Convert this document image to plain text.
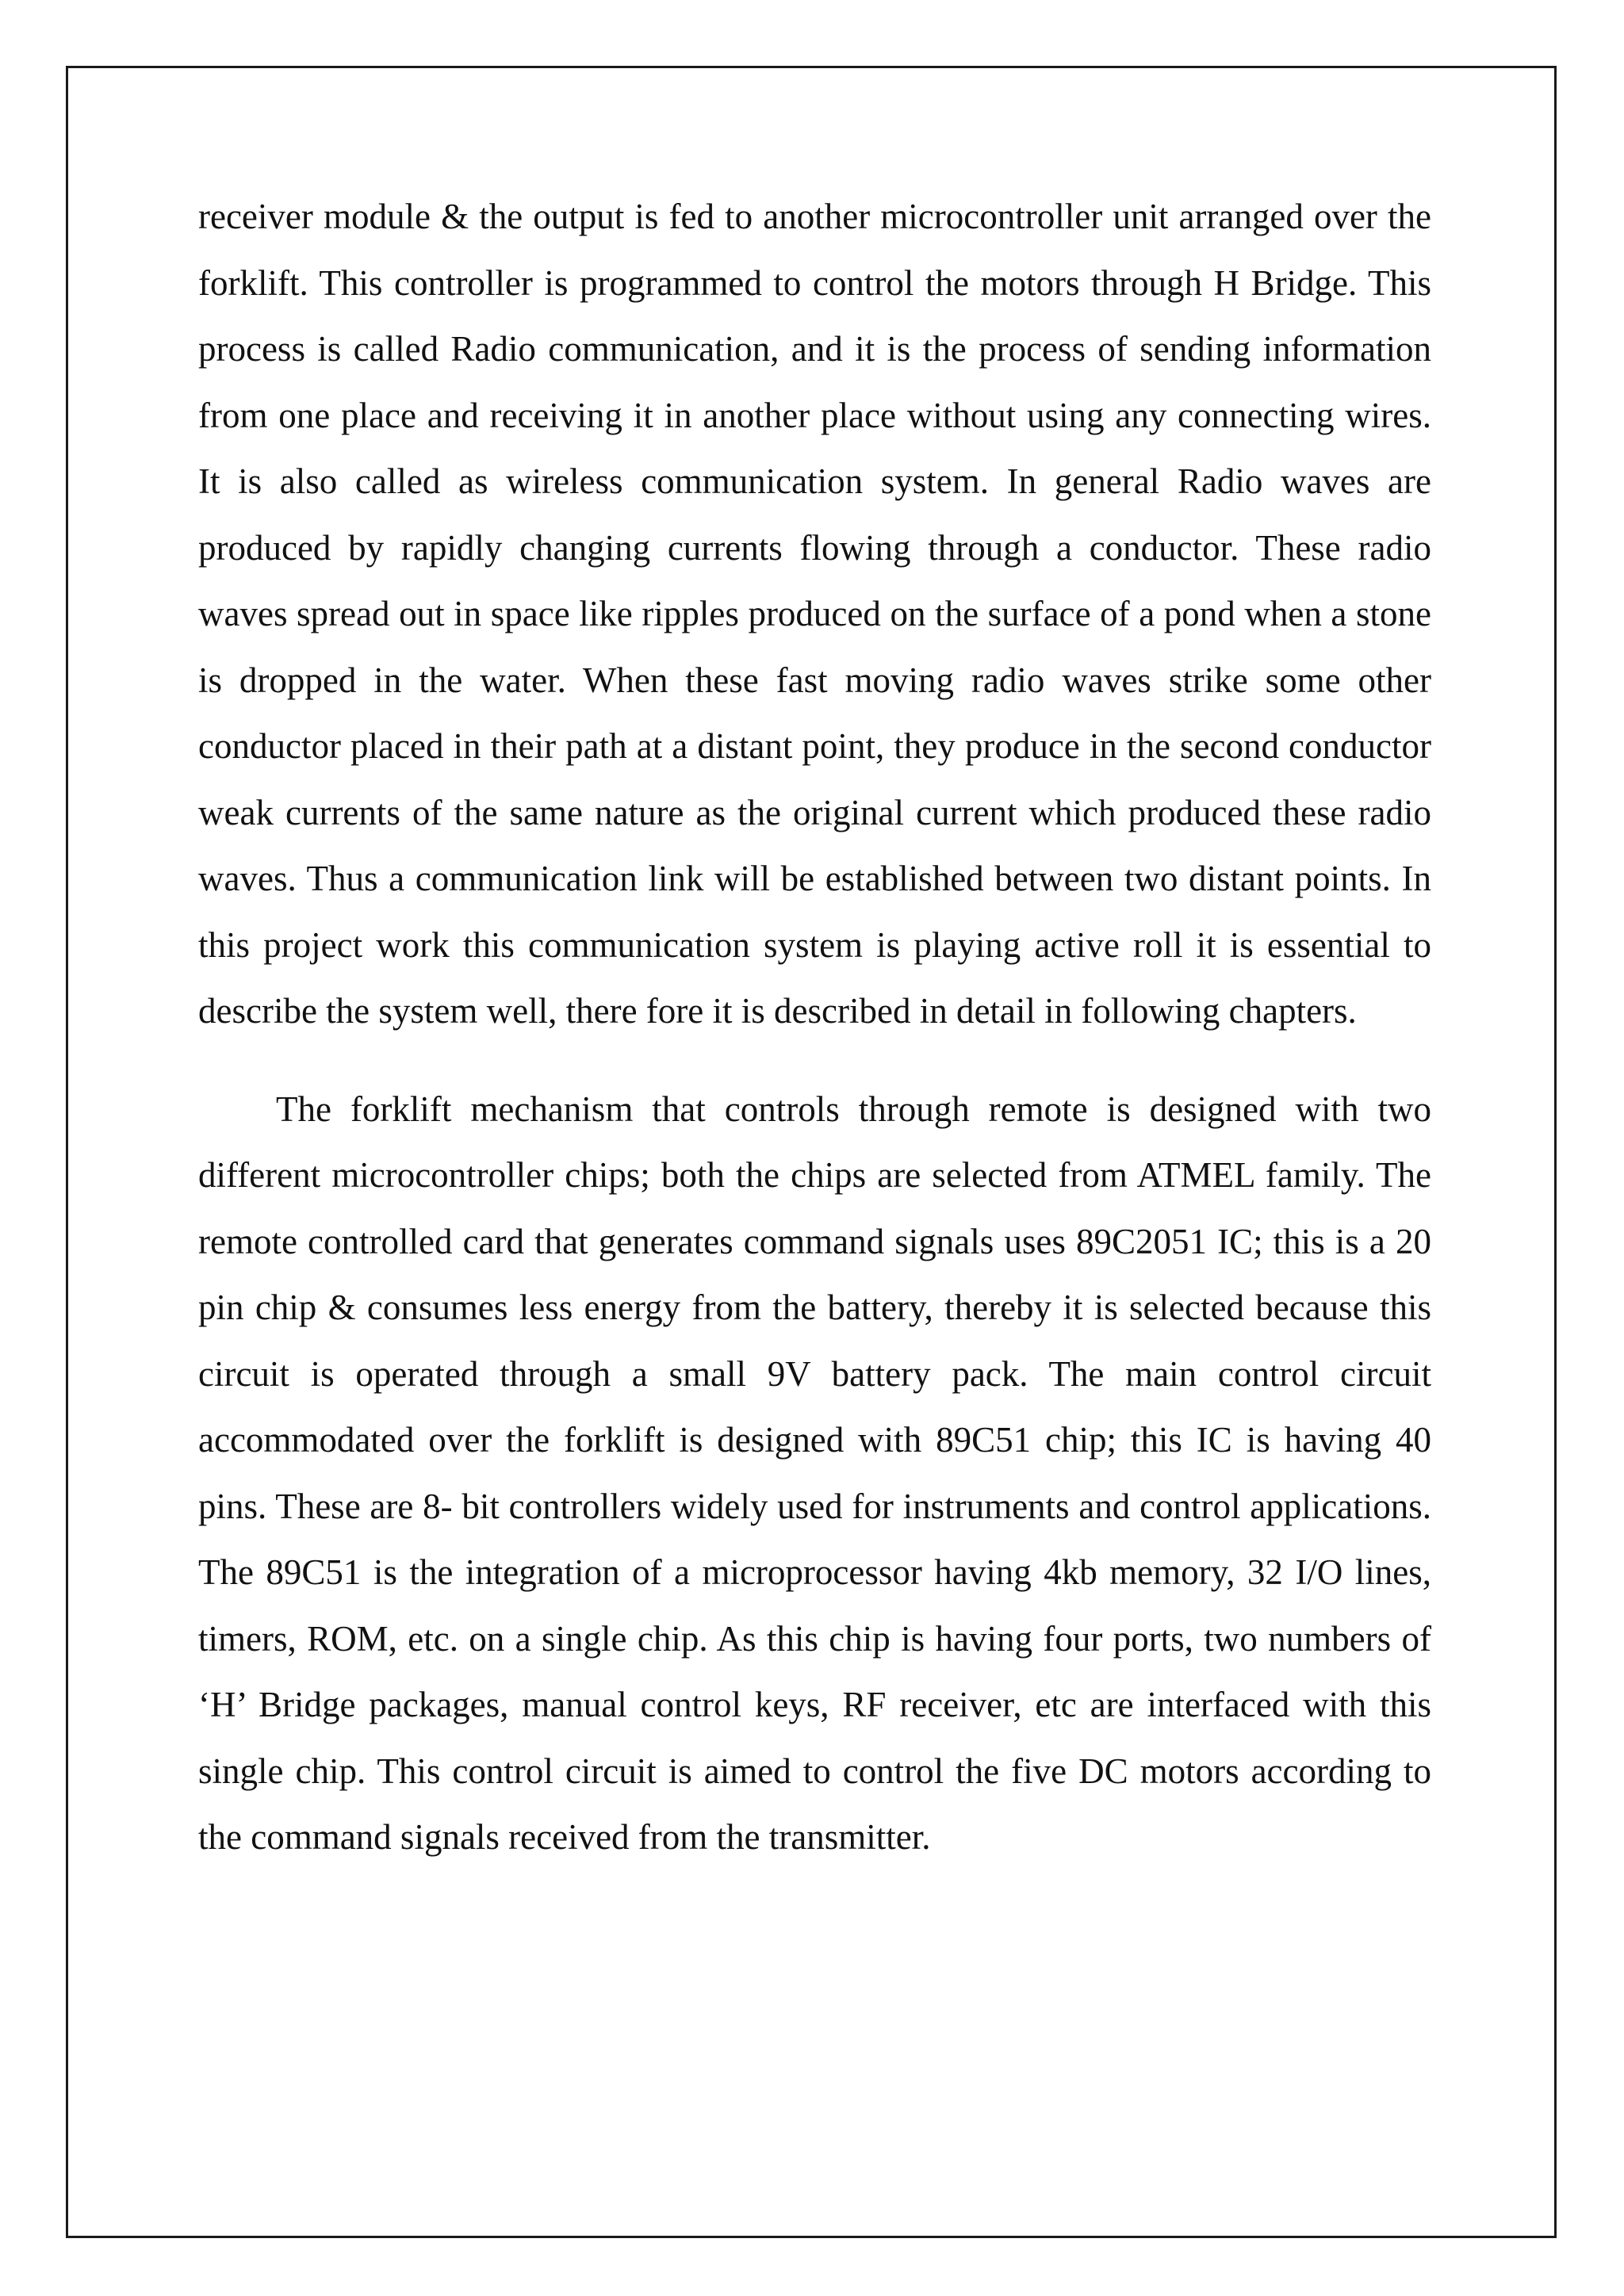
receiver module & the output is fed to another microcontroller unit arranged over the forklift. This controller is programmed to control the motors through H Bridge. This process is called Radio communication, and it is the process of sending information from one place and receiving it in another place without using any connecting wires. It is also called as wireless communication system. In general Radio waves are produced by rapidly changing currents flowing through a conductor. These radio waves spread out in space like ripples produced on the surface of a pond when a stone is dropped in the water. When these fast moving radio waves strike some other conductor placed in their path at a distant point, they produce in the second conductor weak currents of the same nature as the original current which produced these radio waves. Thus a communication link will be established between two distant points. In this project work this communication system is playing active roll it is essential to describe the system well, there fore it is described in detail in following chapters.

The forklift mechanism that controls through remote is designed with two different microcontroller chips; both the chips are selected from ATMEL family. The remote controlled card that generates command signals uses 89C2051 IC; this is a 20 pin chip & consumes less energy from the battery, thereby it is selected because this circuit is operated through a small 9V battery pack. The main control circuit accommodated over the forklift is designed with 89C51 chip; this IC is having 40 pins. These are 8- bit controllers widely used for instruments and control applications. The 89C51 is the integration of a microprocessor having 4kb memory, 32 I/O lines, timers, ROM, etc. on a single chip. As this chip is having four ports, two numbers of ‘H’ Bridge packages, manual control keys, RF receiver, etc are interfaced with this single chip. This control circuit is aimed to control the five DC motors according to the command signals received from the transmitter.
